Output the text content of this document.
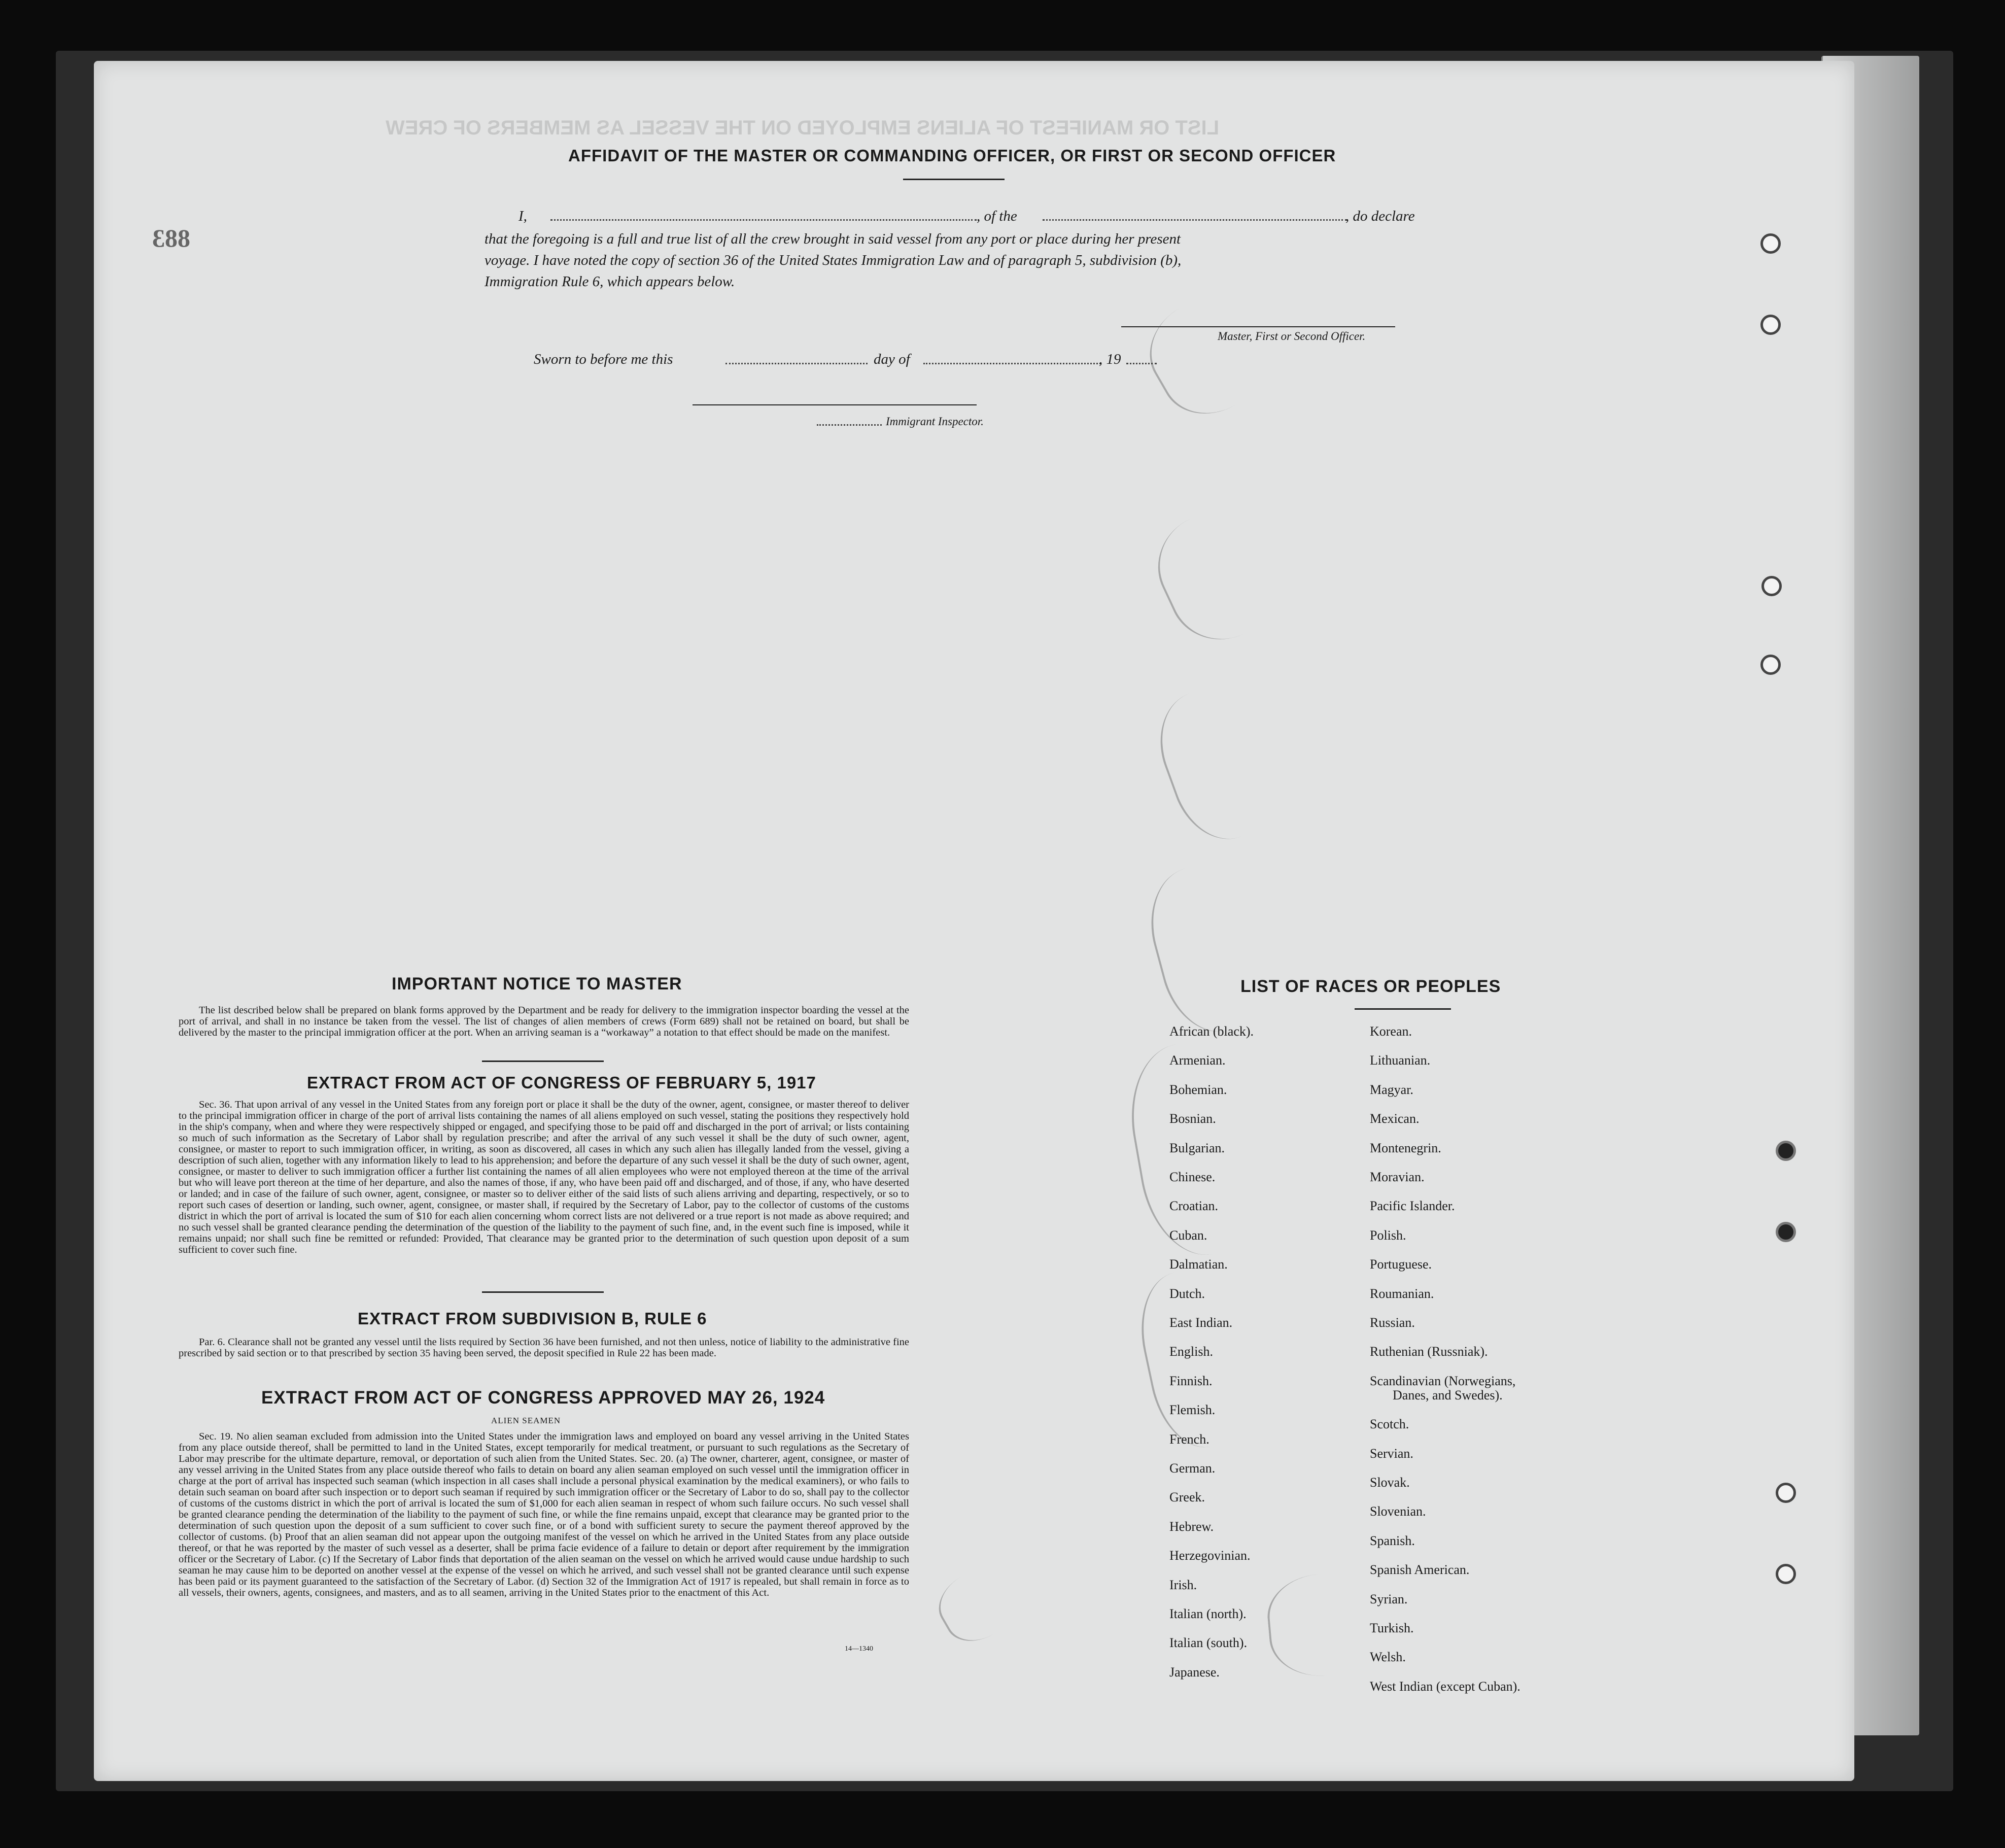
LIST OR MANIFEST OF ALIENS EMPLOYED ON THE VESSEL AS MEMBERS OF CREW
883
AFFIDAVIT OF THE MASTER OR COMMANDING OFFICER, OR FIRST OR SECOND OFFICER
I,	, of the	, do declare
that the foregoing is a full and true list of all the crew brought in said vessel from any port or place during her present
voyage. I have noted the copy of section 36 of the United States Immigration Law and of paragraph 5, subdivision (b),
Immigration Rule 6, which appears below.
Master, First or Second Officer.
Sworn to before me this	day of	, 19
Immigrant Inspector.
IMPORTANT NOTICE TO MASTER
The list described below shall be prepared on blank forms approved by the Department and be ready for delivery to the immigration inspector boarding the vessel at the port of arrival, and shall in no instance be taken from the vessel. The list of changes of alien members of crews (Form 689) shall not be retained on board, but shall be delivered by the master to the principal immigration officer at the port. When an arriving seaman is a “workaway” a notation to that effect should be made on the manifest.
EXTRACT FROM ACT OF CONGRESS OF FEBRUARY 5, 1917
Sec. 36. That upon arrival of any vessel in the United States from any foreign port or place it shall be the duty of the owner, agent, consignee, or master thereof to deliver to the principal immigration officer in charge of the port of arrival lists containing the names of all aliens employed on such vessel, stating the positions they respectively hold in the ship's company, when and where they were respectively shipped or engaged, and specifying those to be paid off and discharged in the port of arrival; or lists containing so much of such information as the Secretary of Labor shall by regulation prescribe; and after the arrival of any such vessel it shall be the duty of such owner, agent, consignee, or master to report to such immigration officer, in writing, as soon as discovered, all cases in which any such alien has illegally landed from the vessel, giving a description of such alien, together with any information likely to lead to his apprehension; and before the departure of any such vessel it shall be the duty of such owner, agent, consignee, or master to deliver to such immigration officer a further list containing the names of all alien employees who were not employed thereon at the time of the arrival but who will leave port thereon at the time of her departure, and also the names of those, if any, who have been paid off and discharged, and of those, if any, who have deserted or landed; and in case of the failure of such owner, agent, consignee, or master so to deliver either of the said lists of such aliens arriving and departing, respectively, or so to report such cases of desertion or landing, such owner, agent, consignee, or master shall, if required by the Secretary of Labor, pay to the collector of customs of the customs district in which the port of arrival is located the sum of $10 for each alien concerning whom correct lists are not delivered or a true report is not made as above required; and no such vessel shall be granted clearance pending the determination of the question of the liability to the payment of such fine, and, in the event such fine is imposed, while it remains unpaid; nor shall such fine be remitted or refunded: Provided, That clearance may be granted prior to the determination of such question upon deposit of a sum sufficient to cover such fine.
EXTRACT FROM SUBDIVISION B, RULE 6
Par. 6. Clearance shall not be granted any vessel until the lists required by Section 36 have been furnished, and not then unless, notice of liability to the administrative fine prescribed by said section or to that prescribed by section 35 having been served, the deposit specified in Rule 22 has been made.
EXTRACT FROM ACT OF CONGRESS APPROVED MAY 26, 1924
ALIEN SEAMEN
Sec. 19. No alien seaman excluded from admission into the United States under the immigration laws and employed on board any vessel arriving in the United States from any place outside thereof, shall be permitted to land in the United States, except temporarily for medical treatment, or pursuant to such regulations as the Secretary of Labor may prescribe for the ultimate departure, removal, or deportation of such alien from the United States. Sec. 20. (a) The owner, charterer, agent, consignee, or master of any vessel arriving in the United States from any place outside thereof who fails to detain on board any alien seaman employed on such vessel until the immigration officer in charge at the port of arrival has inspected such seaman (which inspection in all cases shall include a personal physical examination by the medical examiners), or who fails to detain such seaman on board after such inspection or to deport such seaman if required by such immigration officer or the Secretary of Labor to do so, shall pay to the collector of customs of the customs district in which the port of arrival is located the sum of $1,000 for each alien seaman in respect of whom such failure occurs. No such vessel shall be granted clearance pending the determination of the liability to the payment of such fine, or while the fine remains unpaid, except that clearance may be granted prior to the determination of such question upon the deposit of a sum sufficient to cover such fine, or of a bond with sufficient surety to secure the payment thereof approved by the collector of customs. (b) Proof that an alien seaman did not appear upon the outgoing manifest of the vessel on which he arrived in the United States from any place outside thereof, or that he was reported by the master of such vessel as a deserter, shall be prima facie evidence of a failure to detain or deport after requirement by the immigration officer or the Secretary of Labor. (c) If the Secretary of Labor finds that deportation of the alien seaman on the vessel on which he arrived would cause undue hardship to such seaman he may cause him to be deported on another vessel at the expense of the vessel on which he arrived, and such vessel shall not be granted clearance until such expense has been paid or its payment guaranteed to the satisfaction of the Secretary of Labor. (d) Section 32 of the Immigration Act of 1917 is repealed, but shall remain in force as to all vessels, their owners, agents, consignees, and masters, and as to all seamen, arriving in the United States prior to the enactment of this Act.
14—1340
LIST OF RACES OR PEOPLES
African (black).
Armenian.
Bohemian.
Bosnian.
Bulgarian.
Chinese.
Croatian.
Cuban.
Dalmatian.
Dutch.
East Indian.
English.
Finnish.
Flemish.
French.
German.
Greek.
Hebrew.
Herzegovinian.
Irish.
Italian (north).
Italian (south).
Japanese.
Korean.
Lithuanian.
Magyar.
Mexican.
Montenegrin.
Moravian.
Pacific Islander.
Polish.
Portuguese.
Roumanian.
Russian.
Ruthenian (Russniak).
Scandinavian (Norwegians,
Danes, and Swedes).
Scotch.
Servian.
Slovak.
Slovenian.
Spanish.
Spanish American.
Syrian.
Turkish.
Welsh.
West Indian (except Cuban).
